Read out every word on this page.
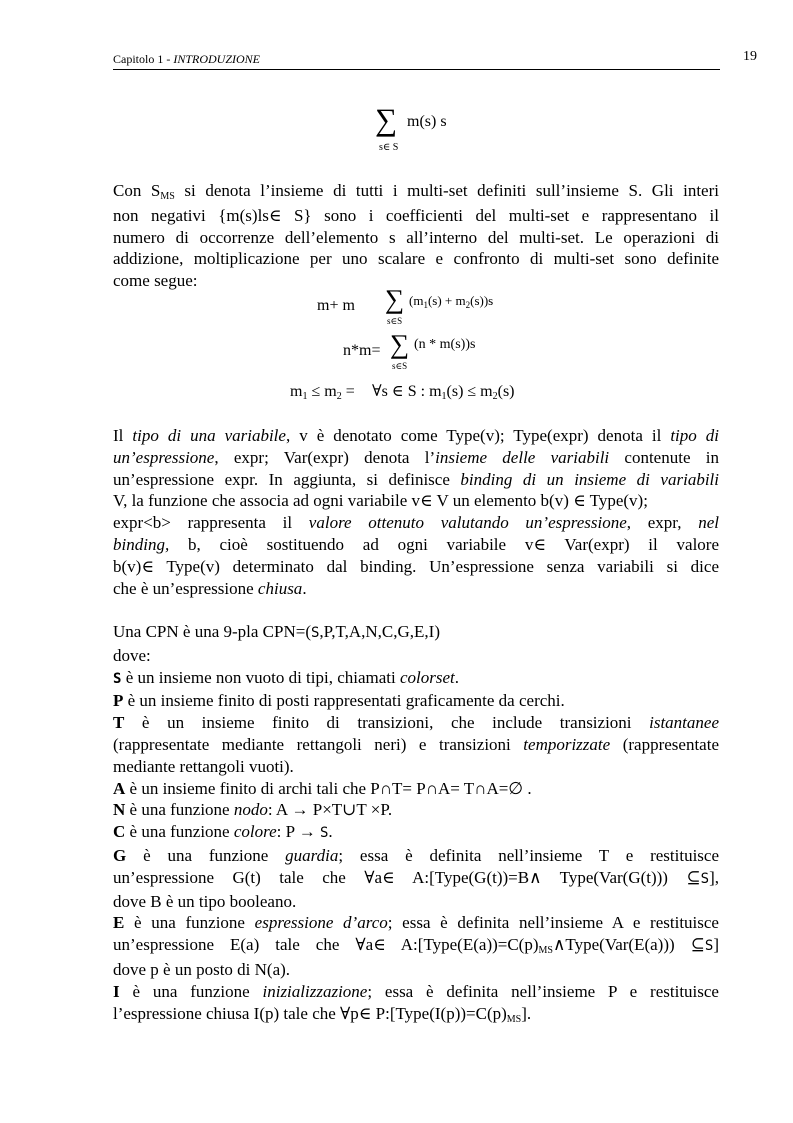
Capitolo 1 - INTRODUZIONE	19
∑ m(s) s
s∈ S
Con SMS si denota l’insieme di tutti i multi-set definiti sull’insieme S. Gli interi
non negativi {m(s)ls∈ S} sono i coefficienti del multi-set e rappresentano il
numero di occorrenze dell’elemento s all’interno del multi-set. Le operazioni di
addizione, moltiplicazione per uno scalare e confronto di multi-set sono definite
come segue:
m+ m ∑ $(m_1(s) + m_2(s))s$
s∈S
n*m= ∑ (n * m(s))s
s∈S
m1 ≤ m2 = ∀s ∈ S : m1(s) ≤ m2(s)
Il tipo di una variabile, v è denotato come Type(v); Type(expr) denota il tipo di
un’espressione, expr; Var(expr) denota l’insieme delle variabili contenute in
un’espressione expr. In aggiunta, si definisce binding di un insieme di variabili
V, la funzione che associa ad ogni variabile v∈ V un elemento b(v) ∈ Type(v);
expr<b> rappresenta il valore ottenuto valutando un’espressione, expr, nel
binding, b, cioè sostituendo ad ogni variabile v∈ Var(expr) il valore
b(v)∈ Type(v) determinato dal binding. Un’espressione senza variabili si dice
che è un’espressione chiusa.
Una CPN è una 9-pla CPN=(S,P,T,A,N,C,G,E,I)
dove:
S è un insieme non vuoto di tipi, chiamati colorset.
P è un insieme finito di posti rappresentati graficamente da cerchi.
T è un insieme finito di transizioni, che include transizioni istantanee
(rappresentate mediante rettangoli neri) e transizioni temporizzate (rappresentate
mediante rettangoli vuoti).
A è un insieme finito di archi tali che P∩T= P∩A= T∩A=∅ .
N è una funzione nodo: A → P×T∪T ×P.
C è una funzione colore: P → S.
G è una funzione guardia; essa è definita nell’insieme T e restituisce
un’espressione G(t) tale che ∀a∈ A:[Type(G(t))=B∧ Type(Var(G(t))) ⊆S],
dove B è un tipo booleano.
E è una funzione espressione d’arco; essa è definita nell’insieme A e restituisce
un’espressione E(a) tale che ∀a∈ A:[Type(E(a))=C(p)MS∧Type(Var(E(a))) ⊆S]
dove p è un posto di N(a).
I è una funzione inizializzazione; essa è definita nell’insieme P e restituisce
l’espressione chiusa I(p) tale che ∀p∈ P:[Type(I(p))=C(p)MS].
